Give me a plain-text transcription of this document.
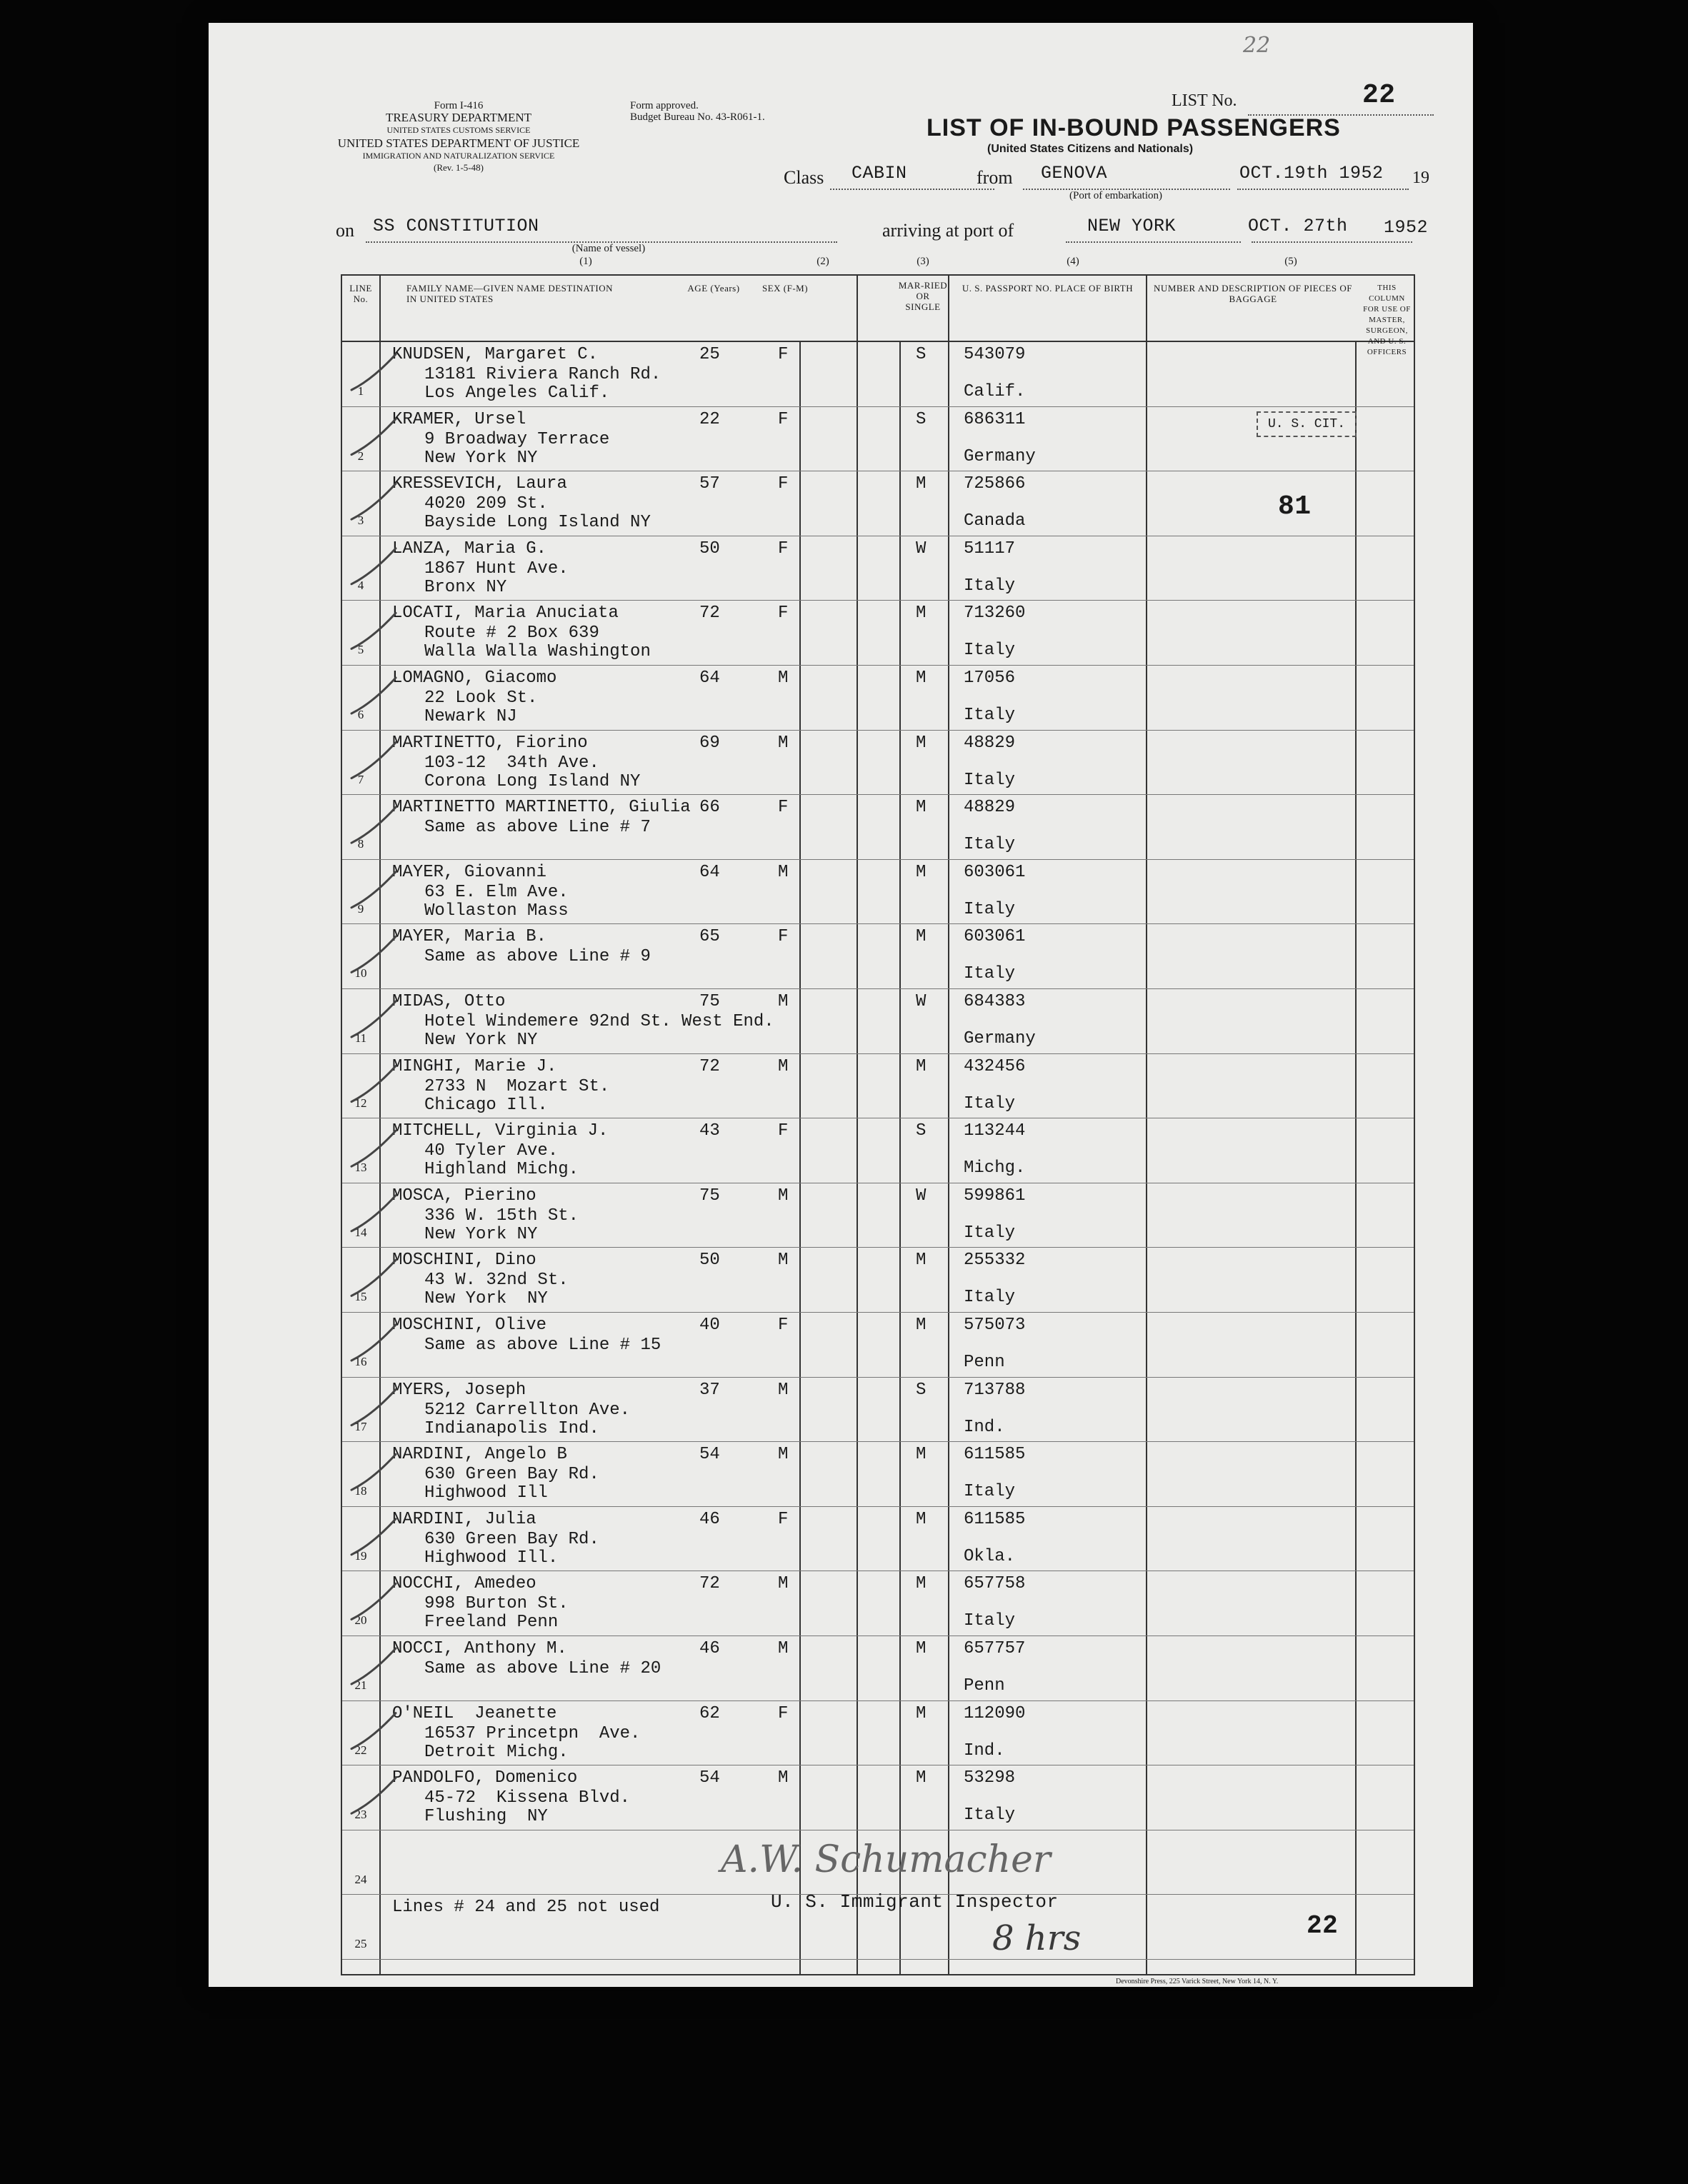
Form I-416
TREASURY DEPARTMENT
UNITED STATES CUSTOMS SERVICE
UNITED STATES DEPARTMENT OF JUSTICE
IMMIGRATION AND NATURALIZATION SERVICE
(Rev. 1-5-48)
Form approved.
Budget Bureau No. 43-R061-1.
LIST No.	22
22
LIST OF IN-BOUND PASSENGERS
(United States Citizens and Nationals)
Class CABIN	from GENOVA
(Port of embarkation)
OCT.19th 1952 19
on SS CONSTITUTION
(Name of vessel)
arriving at port of	NEW YORK	OCT. 27th 1952
(1)	(2)	(3)	(4)	(5)
LINE No.
FAMILY NAME—GIVEN NAME DESTINATION IN UNITED STATES
AGE (Years)	SEX (F-M)	MAR-RIED OR SINGLE
U. S. PASSPORT NO. PLACE OF BIRTH	NUMBER AND DESCRIPTION OF PIECES OF BAGGAGE
THIS COLUMN FOR USE OF MASTER, SURGEON, AND U. S. OFFICERS
1
KNUDSEN, Margaret C.
13181 Riviera Ranch Rd.
Los Angeles Calif.
25	F	S 543079
Calif.
2
KRAMER, Ursel
9 Broadway Terrace
New York NY
22	F	S 686311
Germany
3
KRESSEVICH, Laura
4020 209 St.
Bayside Long Island NY
57	F	M 725866
Canada
4
LANZA, Maria G.
1867 Hunt Ave.
Bronx NY
50	F	W 51117
Italy
5
LOCATI, Maria Anuciata
Route # 2 Box 639
Walla Walla Washington
72	F	M 713260
Italy
6
LOMAGNO, Giacomo
22 Look St.
Newark NJ
64	M	M 17056
Italy
7
MARTINETTO, Fiorino
103-12  34th Ave.
Corona Long Island NY
69	M	M 48829
Italy
8
MARTINETTO MARTINETTO, Giulia
Same as above Line # 7
66	F	M 48829
Italy
9
MAYER, Giovanni
63 E. Elm Ave.
Wollaston Mass
64	M	M 603061
Italy
10
MAYER, Maria B.
Same as above Line # 9
65	F	M 603061
Italy
11
MIDAS, Otto
Hotel Windemere 92nd St. West End.
New York NY
75	M	W 684383
Germany
12
MINGHI, Marie J.
2733 N  Mozart St.
Chicago Ill.
72	M	M 432456
Italy
13
MITCHELL, Virginia J.
40 Tyler Ave.
Highland Michg.
43	F	S 113244
Michg.
14
MOSCA, Pierino
336 W. 15th St.
New York NY
75	M	W 599861
Italy
15
MOSCHINI, Dino
43 W. 32nd St.
New York  NY
50	M	M 255332
Italy
16
MOSCHINI, Olive
Same as above Line # 15
40	F	M 575073
Penn
17
MYERS, Joseph
5212 Carrellton Ave.
Indianapolis Ind.
37	M	S 713788
Ind.
18
NARDINI, Angelo B
630 Green Bay Rd.
Highwood Ill
54	M	M 611585
Italy
19
NARDINI, Julia
630 Green Bay Rd.
Highwood Ill.
46	F	M 611585
Okla.
20
NOCCHI, Amedeo
998 Burton St.
Freeland Penn
72	M	M 657758
Italy
21
NOCCI, Anthony M.
Same as above Line # 20
46	M	M 657757
Penn
22
O'NEIL  Jeanette
16537 Princetpn  Ave.
Detroit Michg.
62	F	M 112090
Ind.
23
PANDOLFO, Domenico
45-72  Kissena Blvd.
Flushing  NY
54	M	M 53298
Italy
24
25
Lines # 24 and 25 not used
U. S. CIT.
81
22
A.W. Schumacher
U. S. Immigrant Inspector
8 hrs
Devonshire Press, 225 Varick Street, New York 14, N. Y.
